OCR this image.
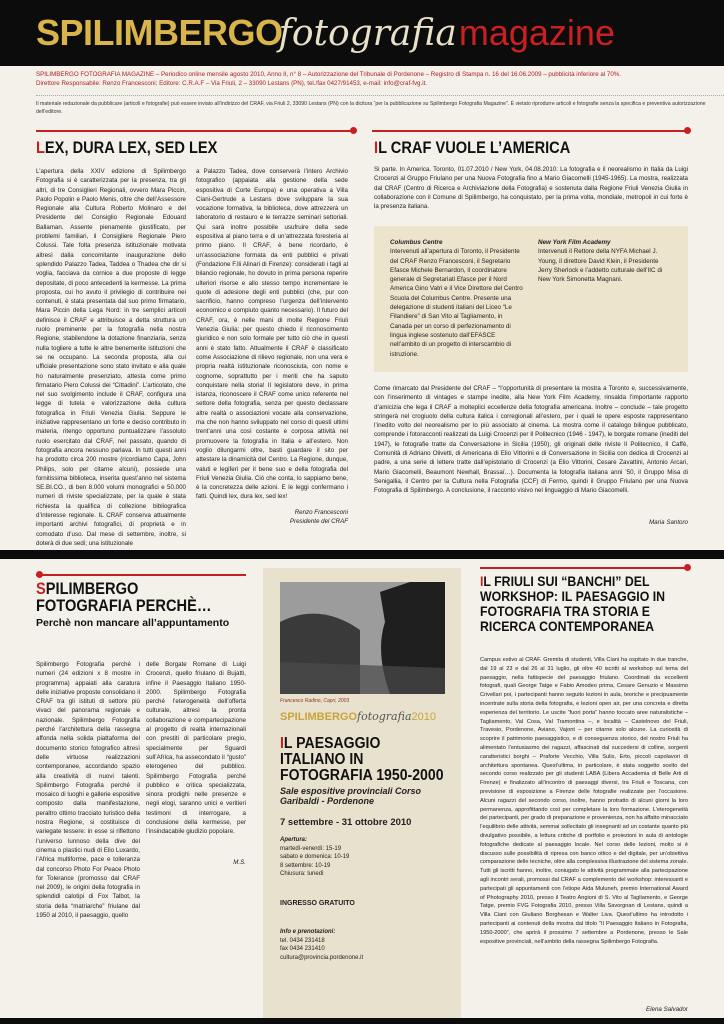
SPILIMBERGO
fotografia magazine
SPILIMBERGO FOTOGRAFIA MAGAZINE – Periodico online mensile agosto 2010, Anno II, n° 8 – Autorizzazione del Tribunale di Pordenone – Registro di Stampa n. 16 del 16.06.2009 – pubblicità inferiore al 70%.
Direttore Responsabile: Renzo Francesconi; Editore: C.R.A.F – Via Friuli, 2 – 33090 Lestans (PN), tel./fax 0427/91453, e-mail: info@craf-fvg.it.
Il materiale redazionale da pubblicare (articoli e fotografie) può essere inviato all’indirizzo del CRAF, via Friuli 2, 33090 Lestans (PN) con la dicitura “per la pubblicazione su Spilimbergo Fotografia Magazine”. È vietato riprodurre articoli e fotografie senza la specifica e preventiva autorizzazione dell’editore.
LEX, DURA LEX, SED LEX
L’apertura della XXIV edizione di Spilimbergo Fotografia si è caratterizzata per la presenza, tra gli altri, di tre Consiglieri Regionali, ovvero Mara Piccin, Paolo Popolin e Paolo Menis, oltre che dell’Assessore Regionale alla Cultura Roberto Molinaro e del Presidente del Consiglio Regionale Edouard Ballaman. Assente pienamente giustificato, per problemi familiari, il Consigliere Regionale Piero Colussi. Tale folta presenza istituzionale motivata altresì dalla concomitante inaugurazione dello splendido Palazzo Tadea, Taddea o Thadea che dir si voglia, facciava da cornice a due proposte di legge depositate, di poco antecedenti la kermesse. La prima proposta, cui ho avuto il privilegio di contribuire nei contenuti, è stata presentata dal suo primo firmatario, Mara Piccin della Lega Nord: in tre semplici articoli definisce il CRAF e attribuisce a detta struttura un ruolo preminente per la fotografia nella nostra Regione, stabilendone la dotazione finanziaria, senza nulla togliere a tutte le altre benemerite istituzioni che se ne occupano. La seconda proposta, alla cui ufficiale presentazione sono stato invitato e alla quale ho naturalmente presenziato, attesta come primo firmatario Piero Colussi dei “Cittadini”. L’articolato, che nel suo svolgimento include il CRAF, configura una legge di tutela e valorizzazione della cultura fotografica in Friuli Venezia Giulia. Seppure le iniziative rappresentano un forte e deciso contributo in materia, ritengo opportuno puntualizzare l’assoluto ruolo esercitato dal CRAF, nel passato, quando di fotografia ancora nessuno parlava. In tutti questi anni ha prodotto circa 200 mostre (ricordiamo Capa, John Philips, solo per citarne alcuni), possiede una fornitissima biblioteca, inserita quest’anno nel sistema SE.BI.CO., di ben 8.000 volumi monografici e 50.000 numeri di riviste specializzate, per la quale è stata richiesta la qualifica di collezione bibliografica d’interesse regionale. IL CRAF conserva attualmente importanti archivi fotografici, di proprietà e in comodato d’uso. Dal mese di settembre, inoltre, si doterà di due sedi; una istituzionale
a Palazzo Tadea, dove conserverà l’intero Archivio fotografico (appaiata alla gestione della sede espositiva di Corte Europa) e una operativa a Villa Ciani-Gertrude a Lestans dove sviluppare la sua vocazione formativa, la biblioteca, dove attrezzerà un laboratorio di restauro e le terrazze seminari settoriali. Qui sarà inoltre possibile usufruire della sede espositiva al piano terra e di un’attrezzata foresteria al primo piano. Il CRAF, è bene ricordarlo, è un’associazione formata da enti pubblici e privati (Fondazione F.lli Alinari di Firenze): considerati i tagli al bilancio regionale, ho dovuto in prima persona reperire ulteriori risorse e allo stesso tempo incrementare le quote di adesione degli enti pubblici (che, pur con sacrificio, hanno compreso l’urgenza dell’intervento economico e compiuto quanto necessario). Il futuro del CRAF, ora, è nelle mani di molte Regione Friuli Venezia Giulia: per questo chiedo il riconoscimento giuridico e non solo formale per tutto ciò che in questi anni è stato fatto. Attualmente il CRAF è classificato come Associazione di rilievo regionale, non una vera e propria realtà istituzionale riconosciuta, con nome e cognome, soprattutto per i meriti che ha saputo conquistare nella storia! Il legislatore deve, in prima istanza, riconoscere il CRAF come unico referente nel settore della fotografia, senza per questo declassare altre realtà o associazioni vocate alla conservazione, ma che non hanno sviluppato nel corso di questi ultimi trent’anni una così costante e corposa attività nel promuovere la fotografia in Italia e all’estero. Non voglio dilungarmi oltre, basti guardare il sito per attestare la dinamicità del Centro. La Regione, dunque, valuti e legiferi per il bene suo e della fotografia del Friuli Venezia Giulia. Ciò che conta, lo sappiamo bene, è la concretezza delle azioni. E le leggi confermano i fatti. Quindi lex, dura lex, sed lex!
Renzo Francesconi
Presidente del CRAF
IL CRAF VUOLE L’AMERICA
Si parte. In America. Toronto, 01.07.2010 / New York, 04.08.2010: La fotografia e il neorealismo in Italia da Luigi Crocenzi al Gruppo Friulano per una Nuova Fotografia fino a Mario Giacomelli (1945-1965). La mostra, realizzata dal CRAF (Centro di Ricerca e Archiviazione della Fotografia) e sostenuta dalla Regione Friuli Venezia Giulia in collaborazione con il Comune di Spilimbergo, ha conquistato, per la prima volta, mondiale, metropoli in cui forte è la presenza italiana.
Columbus Centre
Intervenuti all’apertura di Toronto, il Presidente del CRAF Renzo Francesconi, il Segretario Efasce Michele Bernardon, il coordinatore generale di Segretariati Efasce per il Nord America Gino Vatri e il Vice Direttore del Centro Scuola del Columbus Centre. Presente una delegazione di studenti italiani del Liceo “Le Filandiere” di San Vito al Tagliamento, in Canada per un corso di perfezionamento di lingua inglese sostenuto dall’EFASCE nell’ambito di un progetto di interscambio di istruzione.
New York Film Academy
Intervenuti il Rettore della NYFA Michael J. Young, il direttore David Klein, il Presidente Jerry Sherlock e l’addetto culturale dell’IIC di New York Simonetta Magnani.
Come rimarcato dal Presidente del CRAF – “l’opportunità di presentare la mostra a Toronto e, successivamente, con l’inserimento di vintages e stampe inedite, alla New York Film Academy, rinsalda l’importante rapporto d’amicizia che lega il CRAF a molteplici eccellenze della fotografia americana. Inoltre – conclude – tale progetto stringerà nel crogiuolo della cultura italica i corregionali all’estero, per i quali le opere esposte rappresentano l’inedito volto del neorealismo per lo più associato al cinema. La mostra come il catalogo bilingue pubblicato, comprende i fotoracconti realizzati da Luigi Crocenzi per Il Politecnico (1946 - 1947), le borgate romane (inediti del 1947), le fotografie tratte da Conversazione in Sicilia (1950), gli originali delle riviste Il Politecnico, Il Caffè, Comunità di Adriano Olivetti, di Americana di Elio Vittorini e di Conversazione in Sicilia con dedica di Crocenzi al padre, a una serie di lettere tratte dall’epistolario di Crocenzi (a Elio Vittorini, Cesare Zavattini, Antonio Arcari, Mario Giacomelli, Beaumont Newhall, Brassaï…). Documenta la fotografia italiana anni ’50, il Gruppo Misa di Senigallia, il Centro per la Cultura nella Fotografia (CCF) di Fermo, quindi il Gruppo Friulano per una Nuova Fotografia di Spilimbergo. A conclusione, il racconto visivo nel linguaggio di Mario Giacomelli.
Maria Santoro
SPILIMBERGO FOTOGRAFIA PERCHÈ…
Perchè non mancare all’appuntamento
Spilimbergo Fotografia perché i numeri (24 edizioni x 8 mostre in programma) appaiati alla caratura delle iniziative proposte consolidano il CRAF tra gli istituti di settore più vivaci del panorama regionale e nazionale. Spilimbergo Fotografia perché l’architettura della rassegna affonda nella solida piattaforma del documento storico fotografico altresì delle virtuose realizzazioni contemporanee, accordando spazio alla creatività di nuovi talenti. Spilimbergo Fotografia perché il mosaico di luoghi e gallerie espositive composto dalla manifestazione, peraltro ottimo tracciato turistico della nostra Regione, si costituisce di variegate tessere: in esse si riflettono l’universo lunnoso della dive del cinema o plastici nudi di Elio Luxardo, l’Africa multiforme, pace e tolleranza dal concorso Photo For Peace Photo for Tolerance (promosso dal CRAF nel 2009), le origini della fotografia in splendidi calotipi di Fox Talbot, la storia della “matriarche” friulane dal 1950 al 2010, il paesaggio, quello
delle Borgate Romane di Luigi Crocenzi, quello friulano di Bujatti, infine il Paesaggio Italiano 1950-2000. Spilimbergo Fotografia perché l’eterogeneità dell’offerta culturale, altresì la pronta collaborazione e compartecipazione al progetto di realtà internazionali con prestiti di particolare pregio, specialmente per Sguardi sull’Africa, ha assecondato il “gusto” eterogeneo del pubblico. Spilimbergo Fotografia perché pubblico e critica specializzata, sinora prodighi nelle presenze e negli elogi, saranno unici e veritieri testimoni di interrogare, a conclusione della kermesse, per l’insindacabile giudizio popolare.
M.S.
Francesco Radino, Capri, 2003
SPILIMBERGO fotografia 2010
IL PAESAGGIO ITALIANO IN FOTOGRAFIA 1950-2000
Sale espositive provinciali Corso Garibaldi - Pordenone
7 settembre - 31 ottobre 2010
Apertura:
martedì-venerdì: 15-19
sabato e domenica: 10-19
8 settembre: 10-19
Chiusura: lunedì
INGRESSO GRATUITO
Info e prenotazioni:
tel. 0434 231418
fax 0434 231410
cultura@provincia.pordenone.it
IL FRIULI SUI “BANCHI” DEL WORKSHOP: IL PAESAGGIO IN FOTOGRAFIA TRA STORIA E RICERCA CONTEMPORANEA
Campus estivo al CRAF. Gremita di studenti, Villa Ciani ha ospitato in due tranche, dal 19 al 23 e dal 26 al 31 luglio, gli oltre 40 iscritti al workshop sul tema del paesaggio, nella fattispecie del paesaggio friulano. Coordinati da eccellenti fotografi, quali George Tatge e Fabio Amodeo prima, Cesare Genuzio e Massimo Crivellari poi, i partecipanti hanno seguito lezioni in aula, teoriche e precipuamente incentrate sulla storia della fotografia, e lezioni open air, per una concreta e diretta esperienza del territorio. Le uscite “fuori porta” hanno toccato aree naturalistiche – Tagliamento, Val Cosa, Val Tramontina –, e località – Castelnovo del Friuli, Travesio, Pordenone, Aviano, Vajont – per citarne solo alcune. La curiosità di scoprire il patrimonio paesaggistico, e di conseguenza storico, del nostro Friuli ha alimentato l’entusiasmo dei ragazzi, affascinati dal succedersi di colline, sorgenti caratteristici borghi – Praforte Vecchio, Villa Sulis, Erto, piccoli capolavori di architettura spontanea. Quest’ultima, in particolare, è stata soggetto scelto del secondo corso realizzato per gli studenti LABA (Libera Accademia di Belle Arti di Firenze) e finalizzato all’incontro di paesaggi diversi, tra Friuli e Toscana, con previsione di esposizione a Firenze delle fotografie realizzate per l’occasione. Alcuni ragazzi del secondo corso, inoltre, hanno protratto di alcuni giorni la loro permanenza, approfittando così per completare la loro formazione. L’eterogeneità dei partecipanti, per grado di preparazione e provenienza, non ha affatto minacciato l’equilibrio delle attività, semmai sollecitato gli insegnanti ad un costante quanto più divulgativo possibile, a lettura critiche di portfolio e proiezioni in aula di antologie fotografiche dedicate al paesaggio locale. Nel corso delle lezioni, molto si è discusso sulle possibilità di ripresa con banco ottico e del digitale, per un’obiettiva comparazione delle tecniche, oltre alla complessiva illustrazione del sistema zonale. Tutti gli iscritti hanno, inoltre, coniugato le attività programmate alla partecipazione agli incontri serali, promossi dal CRAF a complemento del workshop: interessanti e partecipati gli appuntamenti con l’etiope Aida Muluneh, premio International Award of Photography 2010, presso il Teatro Angioni di S. Vito al Tagliamento, e George Tatge, premio FVG Fotografia 2010, presso Villa Savorgnan di Lestans, quindi a Villa Ciani con Giuliano Borghesan e Walter Liva. Quest’ultimo ha introdotto i partecipanti ai contenuti della mostra dal titolo “Il Paesaggio Italiano in Fotografia, 1950-2000”, che aprirà il prossimo 7 settembre a Pordenone, presso le Sale espositive provinciali, nell’ambito della rassegna Spilimbergo Fotografia.
Elena Salvador
